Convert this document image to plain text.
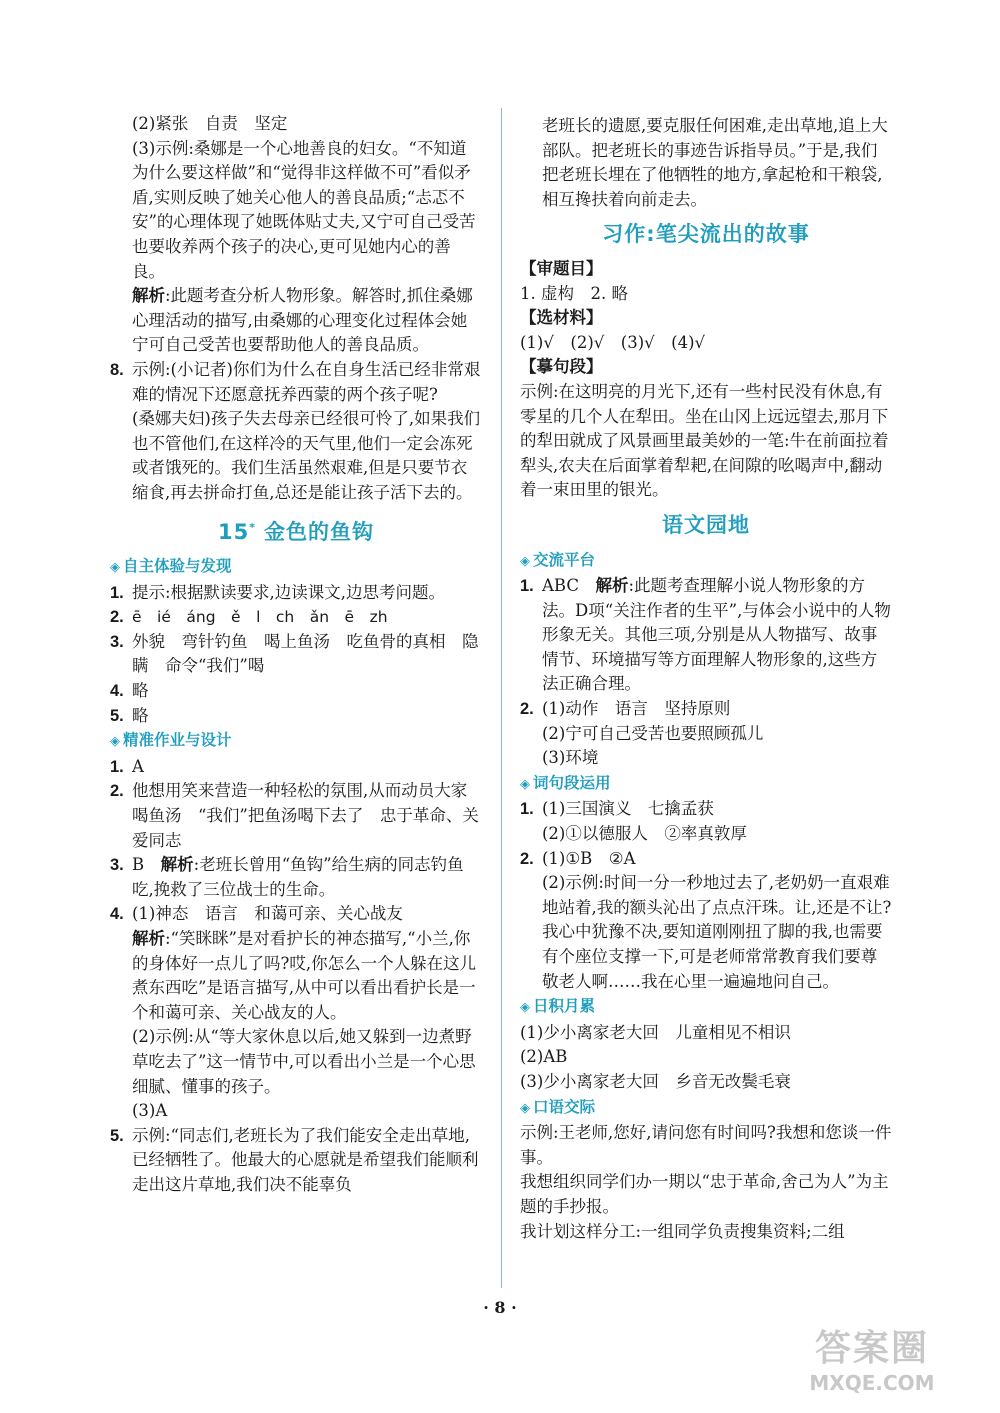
(2)紧张　自责　坚定

(3)示例:桑娜是一个心地善良的妇女。“不知道为什么要这样做”和“觉得非这样做不可”看似矛盾,实则反映了她关心他人的善良品质;“忐忑不安”的心理体现了她既体贴丈夫,又宁可自己受苦也要收养两个孩子的决心,更可见她内心的善良。

解析:此题考查分析人物形象。解答时,抓住桑娜心理活动的描写,由桑娜的心理变化过程体会她宁可自己受苦也要帮助他人的善良品质。

8. 示例:(小记者)你们为什么在自身生活已经非常艰难的情况下还愿意抚养西蒙的两个孩子呢?

(桑娜夫妇)孩子失去母亲已经很可怜了,如果我们也不管他们,在这样冷的天气里,他们一定会冻死或者饿死的。我们生活虽然艰难,但是只要节衣缩食,再去拼命打鱼,总还是能让孩子活下去的。

15* 金色的鱼钩

◈ 自主体验与发现

1. 提示:根据默读要求,边读课文,边思考问题。
2. ē　ié　áng　ě　l　ch　ǎn　ē　zh
3. 外貌　弯针钓鱼　喝上鱼汤　吃鱼骨的真相　隐瞒　命令“我们”喝
4. 略
5. 略

◈ 精准作业与设计

1. A
2. 他想用笑来营造一种轻松的氛围,从而动员大家喝鱼汤　“我们”把鱼汤喝下去了　忠于革命、关爱同志
3. B　解析:老班长曾用“鱼钩”给生病的同志钓鱼吃,挽救了三位战士的生命。
4. (1)神态　语言　和蔼可亲、关心战友

解析:“笑眯眯”是对看护长的神态描写,“小兰,你的身体好一点儿了吗?哎,你怎么一个人躲在这儿煮东西吃”是语言描写,从中可以看出看护长是一个和蔼可亲、关心战友的人。

(2)示例:从“等大家休息以后,她又躲到一边煮野草吃去了”这一情节中,可以看出小兰是一个心思细腻、懂事的孩子。

(3)A

5. 示例:“同志们,老班长为了我们能安全走出草地,已经牺牲了。他最大的心愿就是希望我们能顺利走出这片草地,我们决不能辜负

老班长的遗愿,要克服任何困难,走出草地,追上大部队。把老班长的事迹告诉指导员。”于是,我们把老班长埋在了他牺牲的地方,拿起枪和干粮袋,相互搀扶着向前走去。

习作:笔尖流出的故事

【审题目】

1. 虚构　2. 略

【选材料】

(1)√　(2)√　(3)√　(4)√

【摹句段】

示例:在这明亮的月光下,还有一些村民没有休息,有零星的几个人在犁田。坐在山冈上远远望去,那月下的犁田就成了风景画里最美妙的一笔:牛在前面拉着犁头,农夫在后面掌着犁耙,在间隙的吆喝声中,翻动着一束田里的银光。

语文园地

◈ 交流平台

1. ABC　解析:此题考查理解小说人物形象的方法。D项“关注作者的生平”,与体会小说中的人物形象无关。其他三项,分别是从人物描写、故事情节、环境描写等方面理解人物形象的,这些方法正确合理。
2. (1)动作　语言　坚持原则

(2)宁可自己受苦也要照顾孤儿

(3)环境

◈ 词句段运用

1. (1)三国演义　七擒孟获

(2)①以德服人　②率真敦厚

2. (1)①B　②A

(2)示例:时间一分一秒地过去了,老奶奶一直艰难地站着,我的额头沁出了点点汗珠。让,还是不让?我心中犹豫不决,要知道刚刚扭了脚的我,也需要有个座位支撑一下,可是老师常常教育我们要尊敬老人啊……我在心里一遍遍地问自己。

◈ 日积月累

(1)少小离家老大回　儿童相见不相识

(2)AB

(3)少小离家老大回　乡音无改鬓毛衰

◈ 口语交际

示例:王老师,您好,请问您有时间吗?我想和您谈一件事。

我想组织同学们办一期以“忠于革命,舍己为人”为主题的手抄报。

我计划这样分工:一组同学负责搜集资料;二组

· 8 ·
答案圈
MXQE.COM
